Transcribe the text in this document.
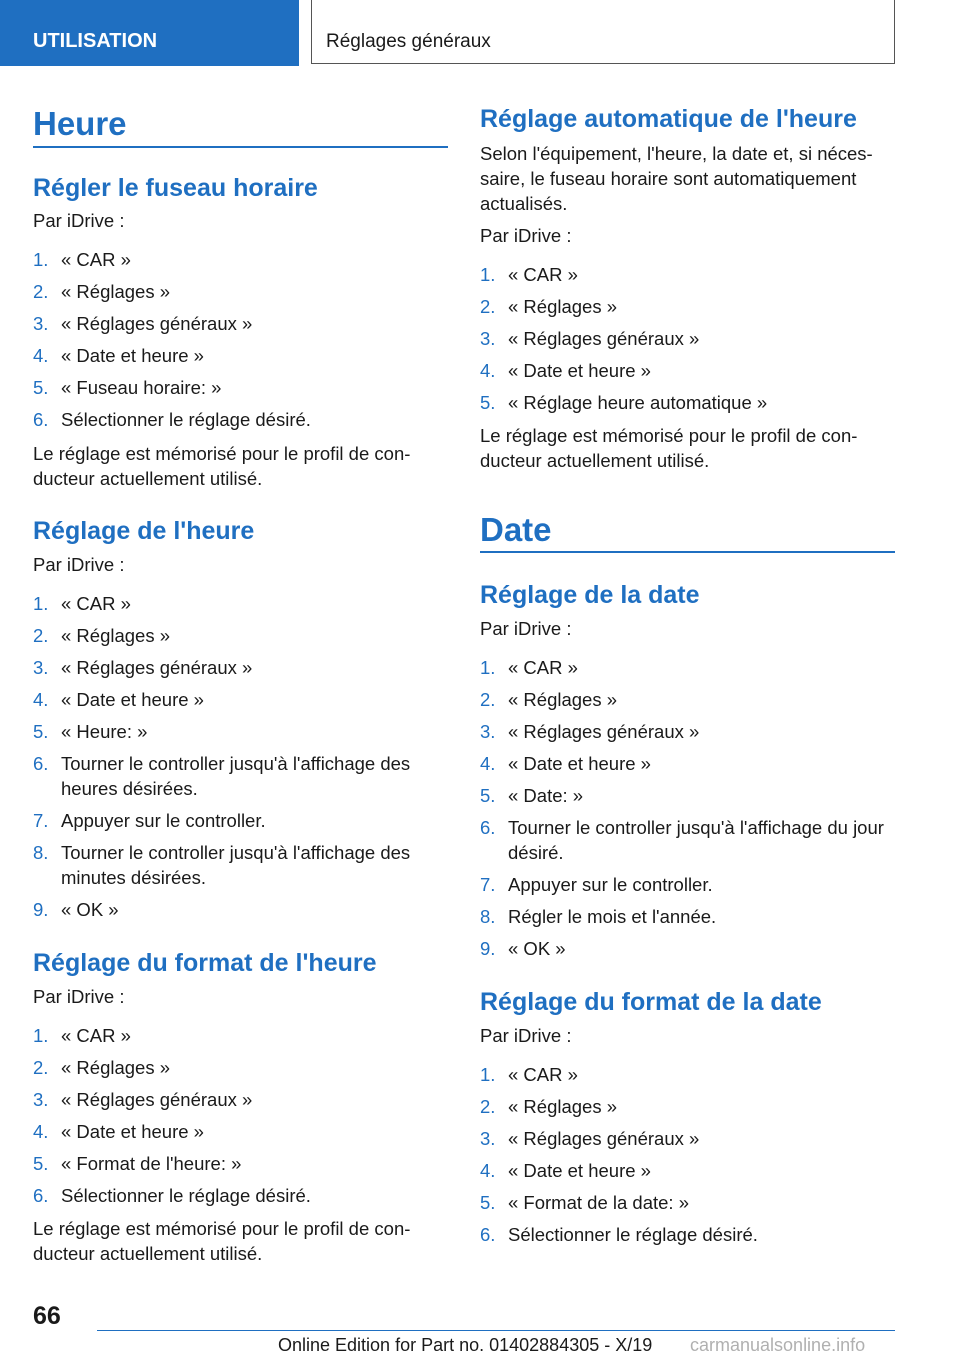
UTILISATION	Réglages généraux
Heure
Régler le fuseau horaire
Par iDrive :
Le réglage est mémorisé pour le profil de con‐ducteur actuellement utilisé.
Réglage de l'heure
Par iDrive :
Réglage du format de l'heure
Par iDrive :
Le réglage est mémorisé pour le profil de con‐ducteur actuellement utilisé.
1. « CAR »
2. « Réglages »
3. « Réglages généraux »
4. « Date et heure »
5. « Fuseau horaire: »
6. Sélectionner le réglage désiré.
1. « CAR »
2. « Réglages »
3. « Réglages généraux »
4. « Date et heure »
5. « Heure: »
6. Tourner le controller jusqu'à l'affichage des heures désirées.
7. Appuyer sur le controller.
8. Tourner le controller jusqu'à l'affichage des minutes désirées.
9. « OK »
1. « CAR »
2. « Réglages »
3. « Réglages généraux »
4. « Date et heure »
5. « Format de l'heure: »
6. Sélectionner le réglage désiré.
Réglage automatique de l'heure
Selon l'équipement, l'heure, la date et, si néces‐saire, le fuseau horaire sont automatiquement actualisés.
Par iDrive :
Le réglage est mémorisé pour le profil de con‐ducteur actuellement utilisé.
Date
Réglage de la date
Par iDrive :
Réglage du format de la date
Par iDrive :
1. « CAR »
2. « Réglages »
3. « Réglages généraux »
4. « Date et heure »
5. « Réglage heure automatique »
1. « CAR »
2. « Réglages »
3. « Réglages généraux »
4. « Date et heure »
5. « Date: »
6. Tourner le controller jusqu'à l'affichage du jour désiré.
7. Appuyer sur le controller.
8. Régler le mois et l'année.
9. « OK »
1. « CAR »
2. « Réglages »
3. « Réglages généraux »
4. « Date et heure »
5. « Format de la date: »
6. Sélectionner le réglage désiré.
66
Online Edition for Part no. 01402884305 - X/19 carmanualsonline.info
